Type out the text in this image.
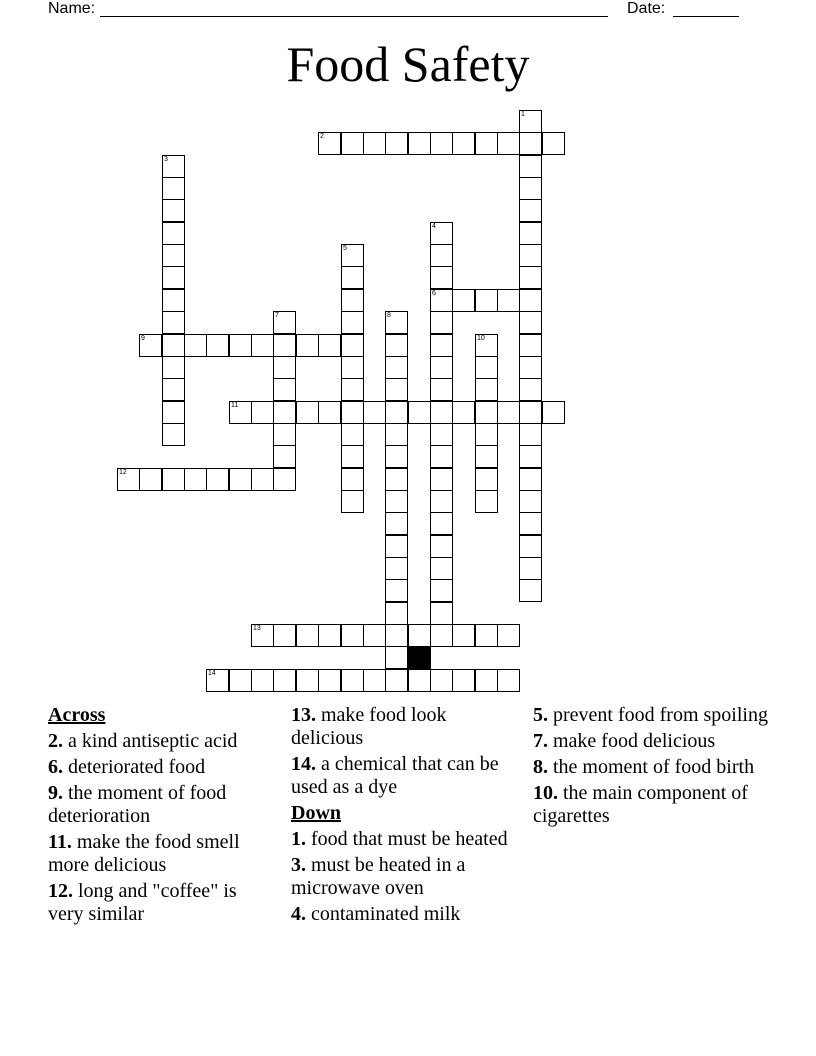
Name:	Date:
Food Safety
1
2
3
4
6
5
7	8
9	10
11
12
13
14
Across
2. a kind antiseptic acid
6. deteriorated food
9. the moment of food deterioration
11. make the food smell more delicious
12. long and "coffee" is very similar
13. make food look delicious
14. a chemical that can be used as a dye
Down
1. food that must be heated
3. must be heated in a microwave oven
4. contaminated milk
5. prevent food from spoiling
7. make food delicious
8. the moment of food birth
10. the main component of cigarettes
